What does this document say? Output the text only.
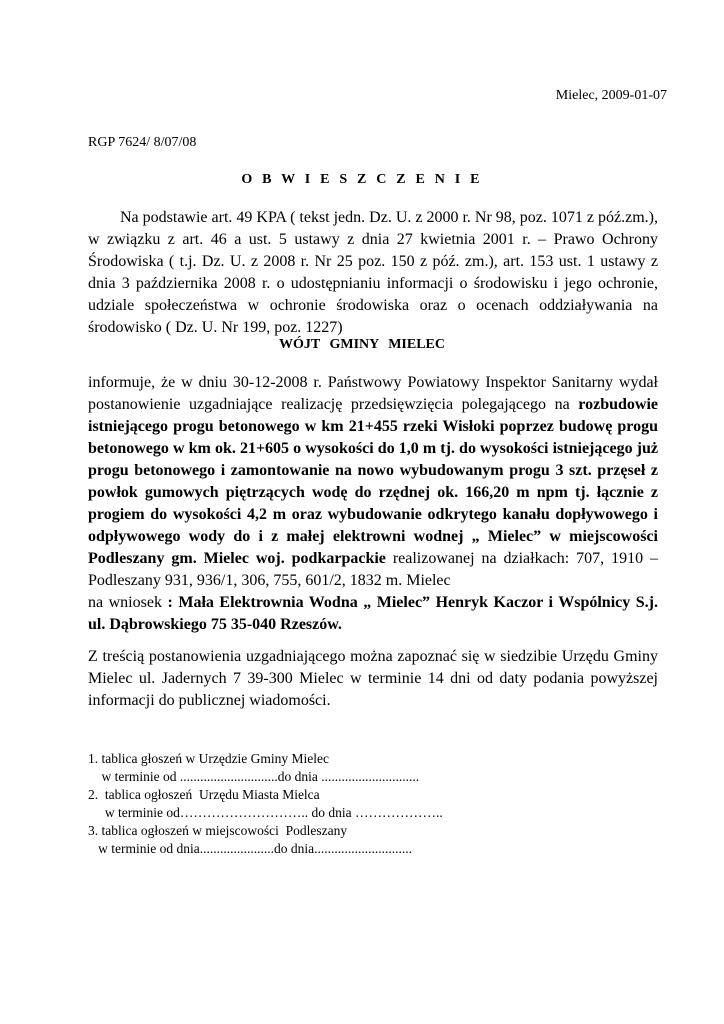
Mielec, 2009-01-07
RGP 7624/ 8/07/08
O B W I E S Z C Z E N I E
Na podstawie art. 49 KPA ( tekst jedn. Dz. U. z 2000 r. Nr 98, poz. 1071 z póź.zm.), w związku z art. 46 a ust. 5 ustawy z dnia 27 kwietnia 2001 r. – Prawo Ochrony Środowiska ( t.j. Dz. U. z 2008 r. Nr 25 poz. 150 z póź. zm.), art. 153 ust. 1 ustawy z dnia 3 października 2008 r. o udostępnianiu informacji o środowisku i jego ochronie, udziale społeczeństwa w ochronie środowiska oraz o ocenach oddziaływania na środowisko ( Dz. U. Nr 199, poz. 1227)
WÓJT GMINY MIELEC
informuje, że w dniu 30-12-2008 r. Państwowy Powiatowy Inspektor Sanitarny wydał postanowienie uzgadniające realizację przedsięwzięcia polegającego na rozbudowie istniejącego progu betonowego w km 21+455 rzeki Wisłoki poprzez budowę progu betonowego w km ok. 21+605 o wysokości do 1,0 m tj. do wysokości istniejącego już progu betonowego i zamontowanie na nowo wybudowanym progu 3 szt. przęseł z powłok gumowych piętrzących wodę do rzędnej ok. 166,20 m npm tj. łącznie z progiem do wysokości 4,2 m oraz wybudowanie odkrytego kanału dopływowego i odpływowego wody do i z małej elektrowni wodnej „ Mielec” w miejscowości Podleszany gm. Mielec woj. podkarpackie realizowanej na działkach: 707, 1910 – Podleszany 931, 936/1, 306, 755, 601/2, 1832 m. Mielec
na wniosek : Mała Elektrownia Wodna „ Mielec” Henryk Kaczor i Wspólnicy S.j. ul. Dąbrowskiego 75 35-040 Rzeszów.
Z treścią postanowienia uzgadniającego można zapoznać się w siedzibie Urzędu Gminy Mielec ul. Jadernych 7 39-300 Mielec w terminie 14 dni od daty podania powyższej informacji do publicznej wiadomości.
1. tablica głoszeń w Urzędzie Gminy Mielec
w terminie od .............................do dnia .............................
2.  tablica ogłoszeń  Urzędu Miasta Mielca
w terminie od……………………….. do dnia ………………..
3. tablica ogłoszeń w miejscowości  Podleszany
w terminie od dnia......................do dnia.............................
